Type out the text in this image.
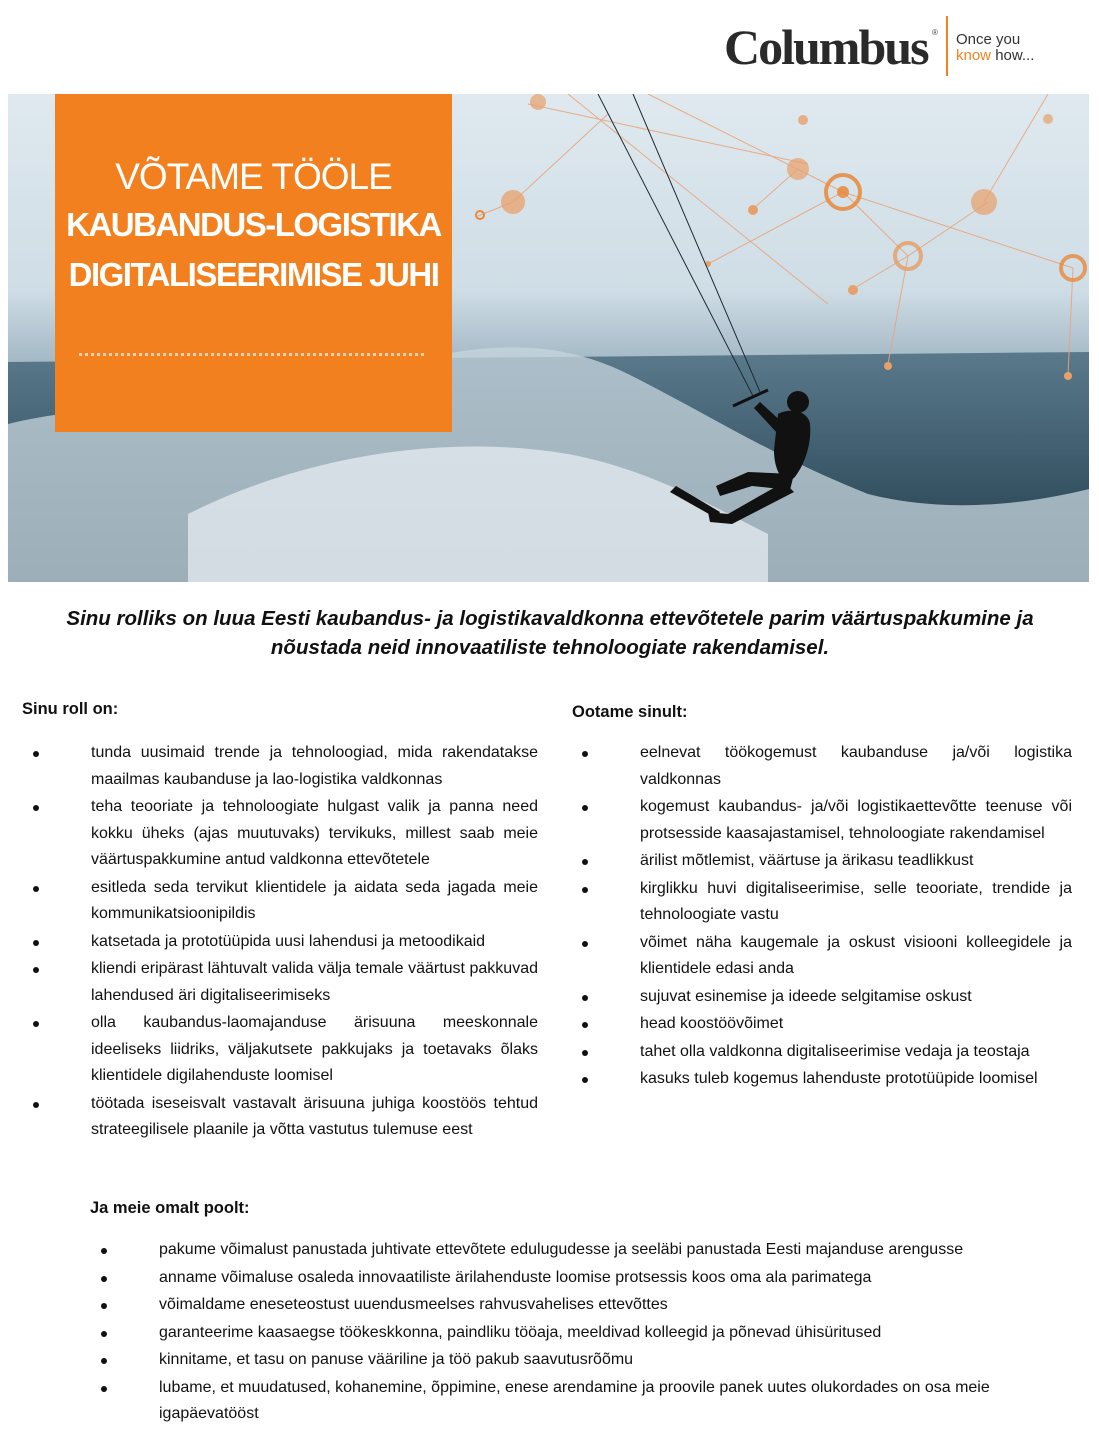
Columbus ® Once you
know how...
VÕTAME TÖÖLE
KAUBANDUS-LOGISTIKA
DIGITALISEERIMISE JUHI
Sinu rolliks on luua Eesti kaubandus- ja logistikavaldkonna ettevõtetele parim väärtuspakkumine ja nõustada neid innovaatiliste tehnoloogiate rakendamisel.
Sinu roll on:
tunda uusimaid trende ja tehnoloogiad, mida rakendatakse maailmas kaubanduse ja lao-logistika valdkonnas
teha teooriate ja tehnoloogiate hulgast valik ja panna need kokku üheks (ajas muutuvaks) tervikuks, millest saab meie väärtuspakkumine antud valdkonna ettevõtetele
esitleda seda tervikut klientidele ja aidata seda jagada meie kommunikatsioonipildis
katsetada ja prototüüpida uusi lahendusi ja metoodikaid
kliendi eripärast lähtuvalt valida välja temale väärtust pakkuvad lahendused äri digitaliseerimiseks
olla kaubandus-laomajanduse ärisuuna meeskonnale ideeliseks liidriks, väljakutsete pakkujaks ja toetavaks õlaks klientidele digilahenduste loomisel
töötada iseseisvalt vastavalt ärisuuna juhiga koostöös tehtud strateegilisele plaanile ja võtta vastutus tulemuse eest
Ootame sinult:
eelnevat töökogemust kaubanduse ja/või logistika valdkonnas
kogemust kaubandus- ja/või logistikaettevõtte teenuse või protsesside kaasajastamisel, tehnoloogiate rakendamisel
ärilist mõtlemist, väärtuse ja ärikasu teadlikkust
kirglikku huvi digitaliseerimise, selle teooriate, trendide ja tehnoloogiate vastu
võimet näha kaugemale ja oskust visiooni kolleegidele ja klientidele edasi anda
sujuvat esinemise ja ideede selgitamise oskust
head koostöövõimet
tahet olla valdkonna digitaliseerimise vedaja ja teostaja
kasuks tuleb kogemus lahenduste prototüüpide loomisel
Ja meie omalt poolt:
pakume võimalust panustada juhtivate ettevõtete edulugudesse ja seeläbi panustada Eesti majanduse arengusse
anname võimaluse osaleda innovaatiliste ärilahenduste loomise protsessis koos oma ala parimatega
võimaldame eneseteostust uuendusmeelses rahvusvahelises ettevõttes
garanteerime kaasaegse töökeskkonna, paindliku tööaja, meeldivad kolleegid ja põnevad ühisüritused
kinnitame, et tasu on panuse vääriline ja töö pakub saavutusrõõmu
lubame, et muudatused, kohanemine, õppimine, enese arendamine ja proovile panek uutes olukordades on osa meie igapäevatööst
